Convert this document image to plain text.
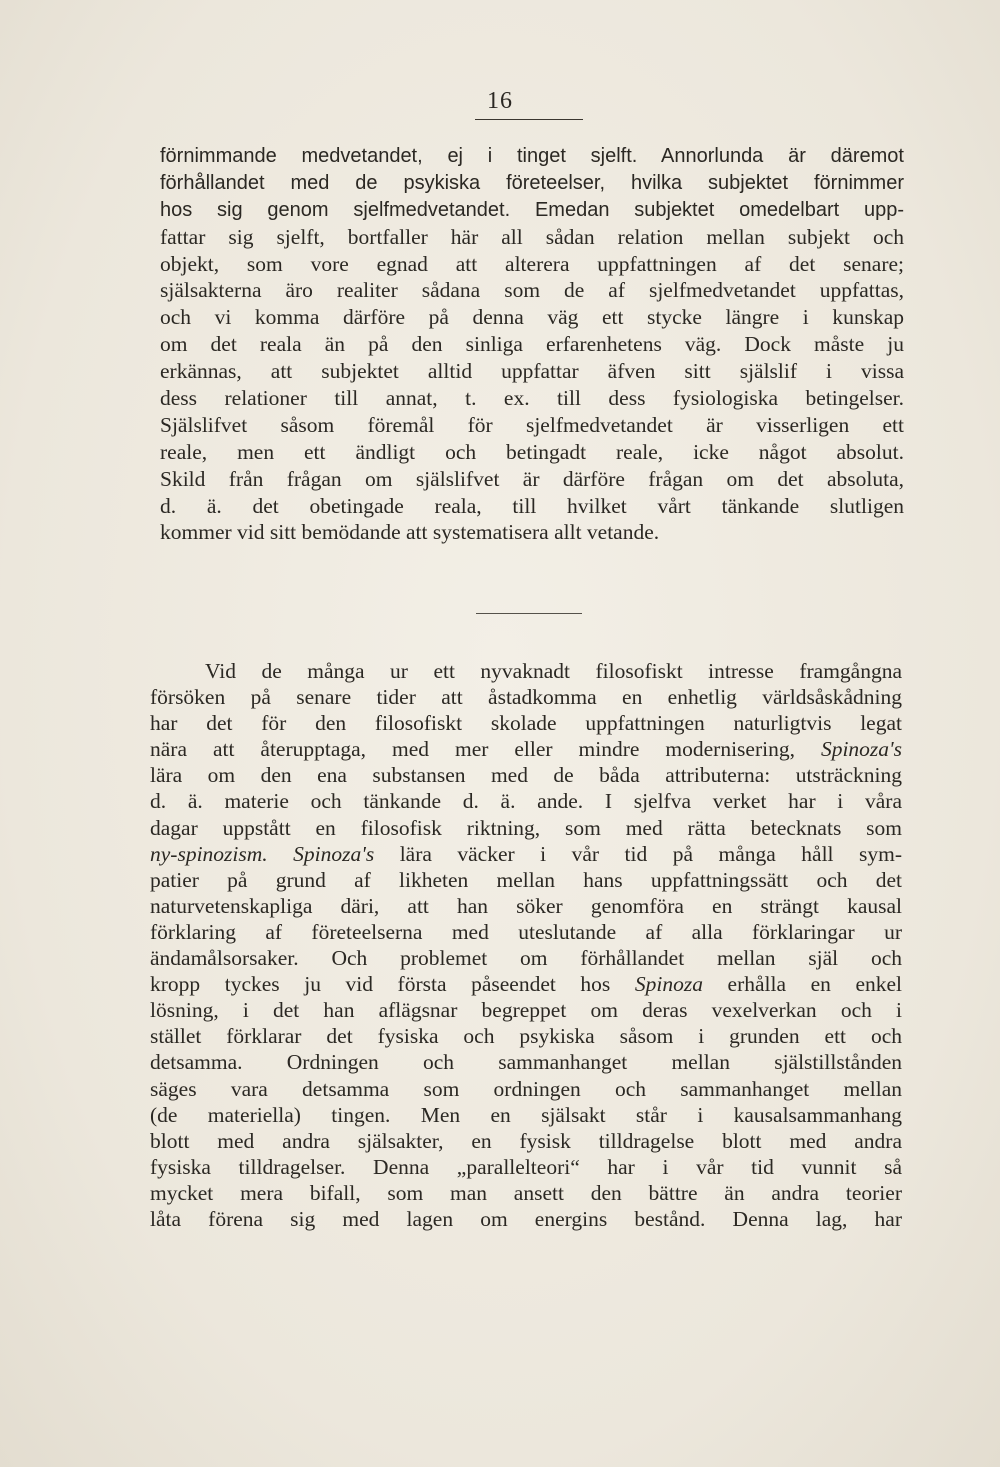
16
förnimmande medvetandet, ej i tinget sjelft. Annorlunda är däremot
förhållandet med de psykiska företeelser, hvilka subjektet förnimmer
hos sig genom sjelfmedvetandet. Emedan subjektet omedelbart upp-
fattar sig sjelft, bortfaller här all sådan relation mellan subjekt och
objekt, som vore egnad att alterera uppfattningen af det senare;
själsakterna äro realiter sådana som de af sjelfmedvetandet uppfattas,
och vi komma därföre på denna väg ett stycke längre i kunskap
om det reala än på den sinliga erfarenhetens väg. Dock måste ju
erkännas, att subjektet alltid uppfattar äfven sitt själslif i vissa
dess relationer till annat, t. ex. till dess fysiologiska betingelser.
Själslifvet såsom föremål för sjelfmedvetandet är visserligen ett
reale, men ett ändligt och betingadt reale, icke något absolut.
Skild från frågan om själslifvet är därföre frågan om det absoluta,
d. ä. det obetingade reala, till hvilket vårt tänkande slutligen
kommer vid sitt bemödande att systematisera allt vetande.
Vid de många ur ett nyvaknadt filosofiskt intresse framgångna
försöken på senare tider att åstadkomma en enhetlig världsåskådning
har det för den filosofiskt skolade uppfattningen naturligtvis legat
nära att återupptaga, med mer eller mindre modernisering, Spinoza's
lära om den ena substansen med de båda attributerna: utsträckning
d. ä. materie och tänkande d. ä. ande. I sjelfva verket har i våra
dagar uppstått en filosofisk riktning, som med rätta betecknats som
ny-spinozism. Spinoza's lära väcker i vår tid på många håll sym-
patier på grund af likheten mellan hans uppfattningssätt och det
naturvetenskapliga däri, att han söker genomföra en strängt kausal
förklaring af företeelserna med uteslutande af alla förklaringar ur
ändamålsorsaker. Och problemet om förhållandet mellan själ och
kropp tyckes ju vid första påseendet hos Spinoza erhålla en enkel
lösning, i det han aflägsnar begreppet om deras vexelverkan och i
stället förklarar det fysiska och psykiska såsom i grunden ett och
detsamma. Ordningen och sammanhanget mellan själstillstånden
säges vara detsamma som ordningen och sammanhanget mellan
(de materiella) tingen. Men en själsakt står i kausalsammanhang
blott med andra själsakter, en fysisk tilldragelse blott med andra
fysiska tilldragelser. Denna „parallelteori“ har i vår tid vunnit så
mycket mera bifall, som man ansett den bättre än andra teorier
låta förena sig med lagen om energins bestånd. Denna lag, har
